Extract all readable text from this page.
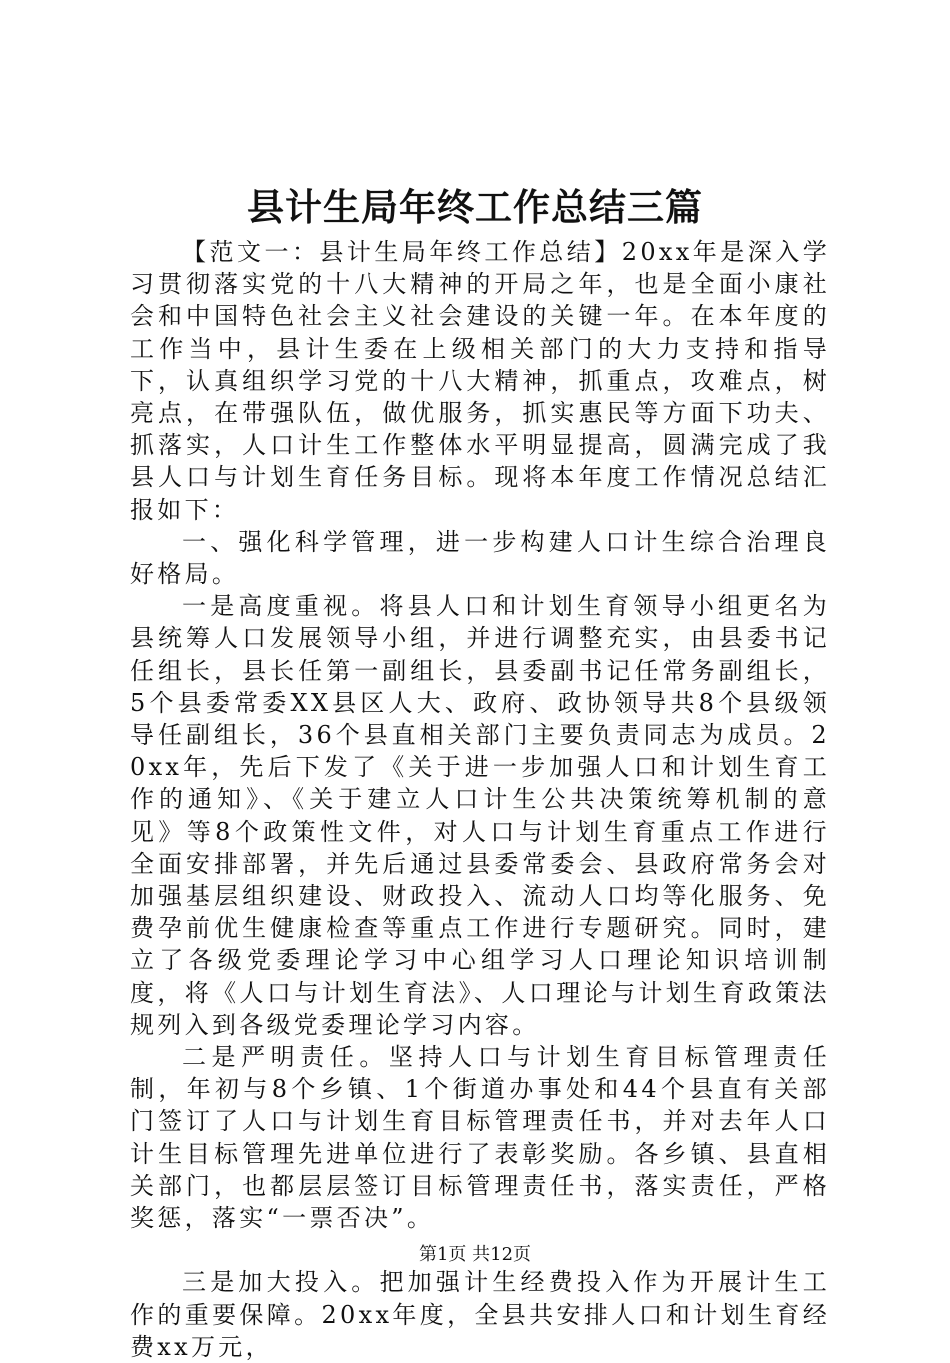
县计生局年终工作总结三篇

【范文一：县计生局年终工作总结】20xx年是深入学习贯彻落实党的十八大精神的开局之年，也是全面小康社会和中国特色社会主义社会建设的关键一年。在本年度的工作当中，县计生委在上级相关部门的大力支持和指导下，认真组织学习党的十八大精神，抓重点，攻难点，树亮点，在带强队伍，做优服务，抓实惠民等方面下功夫、抓落实，人口计生工作整体水平明显提高，圆满完成了我县人口与计划生育任务目标。现将本年度工作情况总结汇报如下：

一、强化科学管理，进一步构建人口计生综合治理良好格局。

一是高度重视。将县人口和计划生育领导小组更名为县统筹人口发展领导小组，并进行调整充实，由县委书记任组长，县长任第一副组长，县委副书记任常务副组长，5个县委常委XX县区人大、政府、政协领导共8个县级领导任副组长，36个县直相关部门主要负责同志为成员。20xx年，先后下发了《关于进一步加强人口和计划生育工作的通知》、《关于建立人口计生公共决策统筹机制的意见》等8个政策性文件，对人口与计划生育重点工作进行全面安排部署，并先后通过县委常委会、县政府常务会对加强基层组织建设、财政投入、流动人口均等化服务、免费孕前优生健康检查等重点工作进行专题研究。同时，建立了各级党委理论学习中心组学习人口理论知识培训制度，将《人口与计划生育法》、人口理论与计划生育政策法规列入到各级党委理论学习内容。

二是严明责任。坚持人口与计划生育目标管理责任制，年初与8个乡镇、1个街道办事处和44个县直有关部门签订了人口与计划生育目标管理责任书，并对去年人口计生目标管理先进单位进行了表彰奖励。各乡镇、县直相关部门，也都层层签订目标管理责任书，落实责任，严格奖惩，落实“一票否决”。

三是加大投入。把加强计生经费投入作为开展计生工作的重要保障。20xx年度，全县共安排人口和计划生育经费xx万元，

第1页 共12页
